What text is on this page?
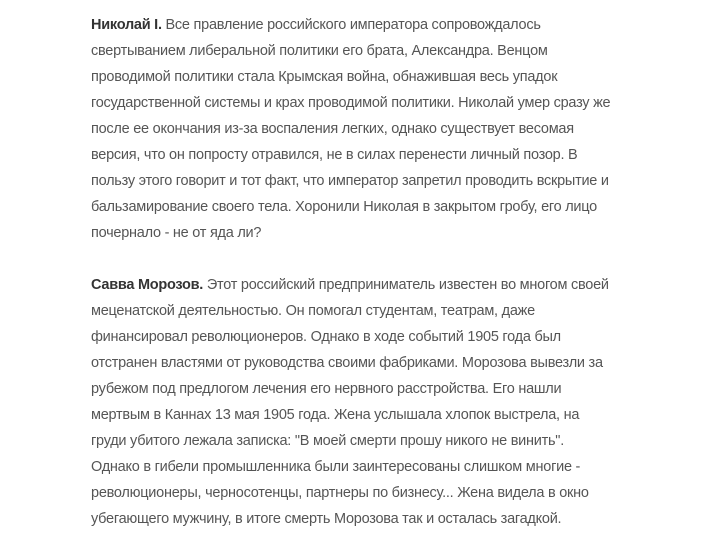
Николай I. Все правление российского императора сопровождалось
свертыванием либеральной политики его брата, Александра. Венцом
проводимой политики стала Крымская война, обнажившая весь упадок
государственной системы и крах проводимой политики. Николай умер сразу же
после ее окончания из-за воспаления легких, однако существует весомая
версия, что он попросту отравился, не в силах перенести личный позор. В
пользу этого говорит и тот факт, что император запретил проводить вскрытие и
бальзамирование своего тела. Хоронили Николая в закрытом гробу, его лицо
почернало - не от яда ли?
Савва Морозов. Этот российский предприниматель известен во многом своей
меценатской деятельностью. Он помогал студентам, театрам, даже
финансировал революционеров. Однако в ходе событий 1905 года был
отстранен властями от руководства своими фабриками. Морозова вывезли за
рубежом под предлогом лечения его нервного расстройства. Его нашли
мертвым в Каннах 13 мая 1905 года. Жена услышала хлопок выстрела, на
груди убитого лежала записка: "В моей смерти прошу никого не винить".
Однако в гибели промышленника были заинтересованы слишком многие -
революционеры, черносотенцы, партнеры по бизнесу... Жена видела в окно
убегающего мужчину, в итоге смерть Морозова так и осталась загадкой.
